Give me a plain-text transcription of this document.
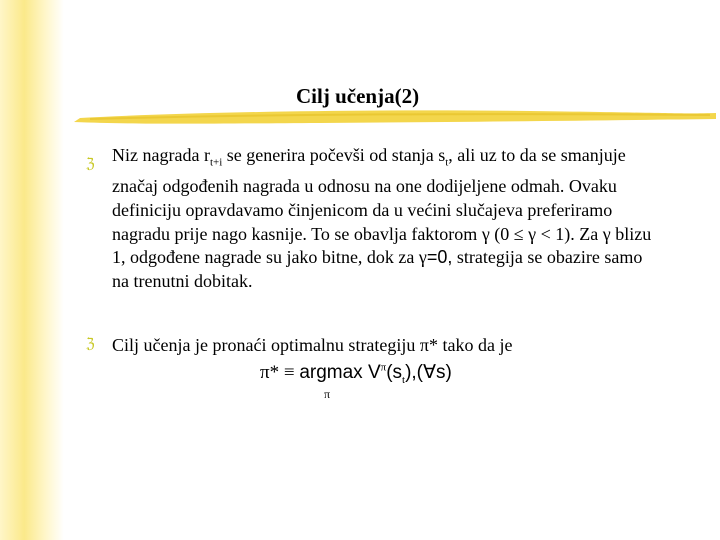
Cilj učenja(2)
ℨ Niz nagrada $r_{t+i}$ se generira počevši od stanja $s_t$, ali uz to da se smanjuje značaj odgođenih nagrada u odnosu na one dodijeljene odmah. Ovaku definiciju opravdavamo činjenicom da u većini slučajeva preferiramo nagradu prije nago kasnije. To se obavlja faktorom γ (0 ≤ γ < 1). Za γ blizu 1, odgođene nagrade su jako bitne, dok za γ=0, strategija se obazire samo na trenutni dobitak.

ℨ Cilj učenja je pronaći optimalnu strategiju π* tako da je

π* ≡ argmax $V^\pi(s_t),(\forall s)$
π
